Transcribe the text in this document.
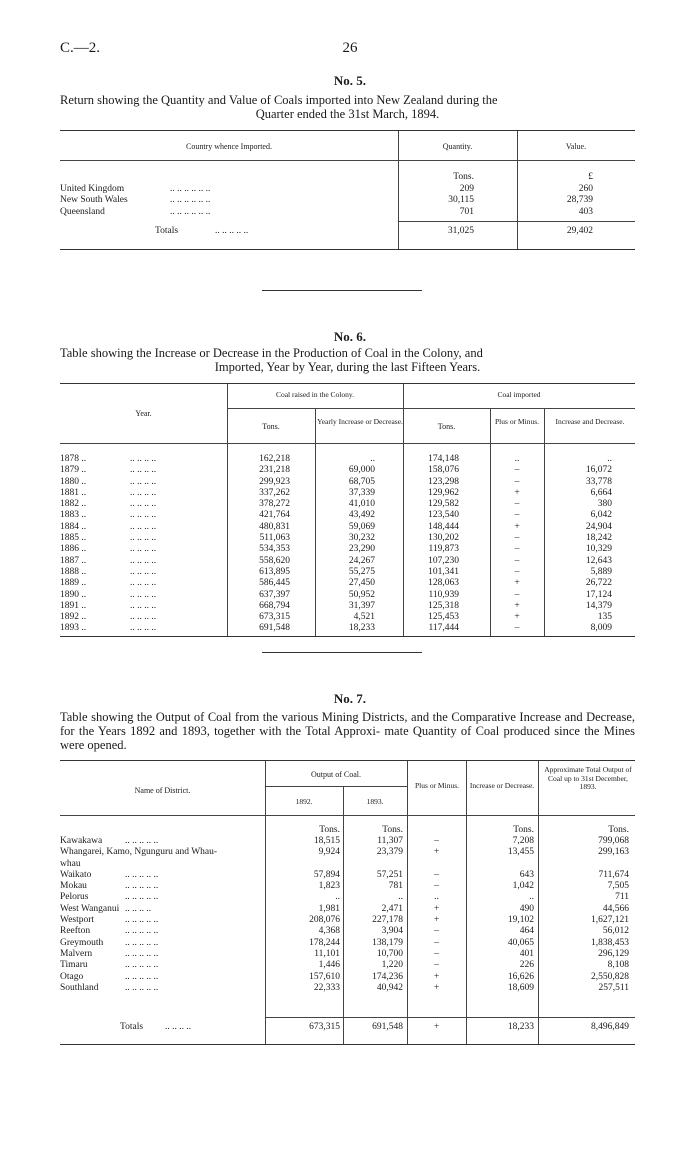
C.—2.	26
No. 5.
Return showing the Quantity and Value of Coals imported into New Zealand during the
Quarter ended the 31st March, 1894.
Country whence Imported.	Quantity.	Value.
Tons.	£
United Kingdom	.. .. .. .. .. ..	209	260
New South Wales	.. .. .. .. .. ..	30,115	28,739
Queensland	.. .. .. .. .. ..	701	403
Totals	.. .. .. .. ..	31,025	29,402
No. 6.
Table showing the Increase or Decrease in the Production of Coal in the Colony, and
Imported, Year by Year, during the last Fifteen Years.
Year.
Coal raised in the Colony.	Coal imported
Tons.
Yearly Increase or Decrease.
Tons.
Plus or Minus.	Increase and Decrease.
1878 ..	.. .. .. ..	162,218	..	174,148	..	..
1879 ..	.. .. .. ..	231,218	69,000	158,076	–	16,072
1880 ..	.. .. .. ..	299,923	68,705	123,298	–	33,778
1881 ..	.. .. .. ..	337,262	37,339	129,962	+	6,664
1882 ..	.. .. .. ..	378,272	41,010	129,582	–	380
1883 ..	.. .. .. ..	421,764	43,492	123,540	–	6,042
1884 ..	.. .. .. ..	480,831	59,069	148,444	+	24,904
1885 ..	.. .. .. ..	511,063	30,232	130,202	–	18,242
1886 ..	.. .. .. ..	534,353	23,290	119,873	–	10,329
1887 ..	.. .. .. ..	558,620	24,267	107,230	–	12,643
1888 ..	.. .. .. ..	613,895	55,275	101,341	–	5,889
1889 ..	.. .. .. ..	586,445	27,450	128,063	+	26,722
1890 ..	.. .. .. ..	637,397	50,952	110,939	–	17,124
1891 ..	.. .. .. ..	668,794	31,397	125,318	+	14,379
1892 ..	.. .. .. ..	673,315	4,521	125,453	+	135
1893 ..	.. .. .. ..	691,548	18,233	117,444	–	8,009
No. 7.
Table showing the Output of Coal from the various Mining Districts, and the Comparative Increase and Decrease, for the Years 1892 and 1893, together with the Total Approxi- mate Quantity of Coal produced since the Mines were opened.
Name of District.
Output of Coal.
1892.	1893.
Plus or Minus.	Increase or Decrease.
Approximate Total Output of Coal up to 31st December, 1893.
Tons.	Tons.	Tons.	Tons.
Kawakawa .. .. .. .. ..	18,515	11,307	–	7,208	799,068
Whangarei, Kamo, Ngunguru and Whau-	9,924	23,379	+	13,455	299,163
whau
Waikato	.. .. .. .. ..	57,894	57,251	–	643	711,674
Mokau	.. .. .. .. ..	1,823	781	–	1,042	7,505
Pelorus	.. .. .. .. ..	..	..	..	..	711
West Wanganui .. .. .. ..	1,981	2,471	+	490	44,566
Westport	.. .. .. .. ..	208,076	227,178	+	19,102	1,627,121
Reefton	.. .. .. .. ..	4,368	3,904	–	464	56,012
Greymouth .. .. .. .. ..	178,244	138,179	–	40,065	1,838,453
Malvern	.. .. .. .. ..	11,101	10,700	–	401	296,129
Timaru	.. .. .. .. ..	1,446	1,220	–	226	8,108
Otago	.. .. .. .. ..	157,610	174,236	+	16,626	2,550,828
Southland	.. .. .. .. ..	22,333	40,942	+	18,609	257,511
Totals .. .. .. ..	673,315	691,548	+	18,233	8,496,849
